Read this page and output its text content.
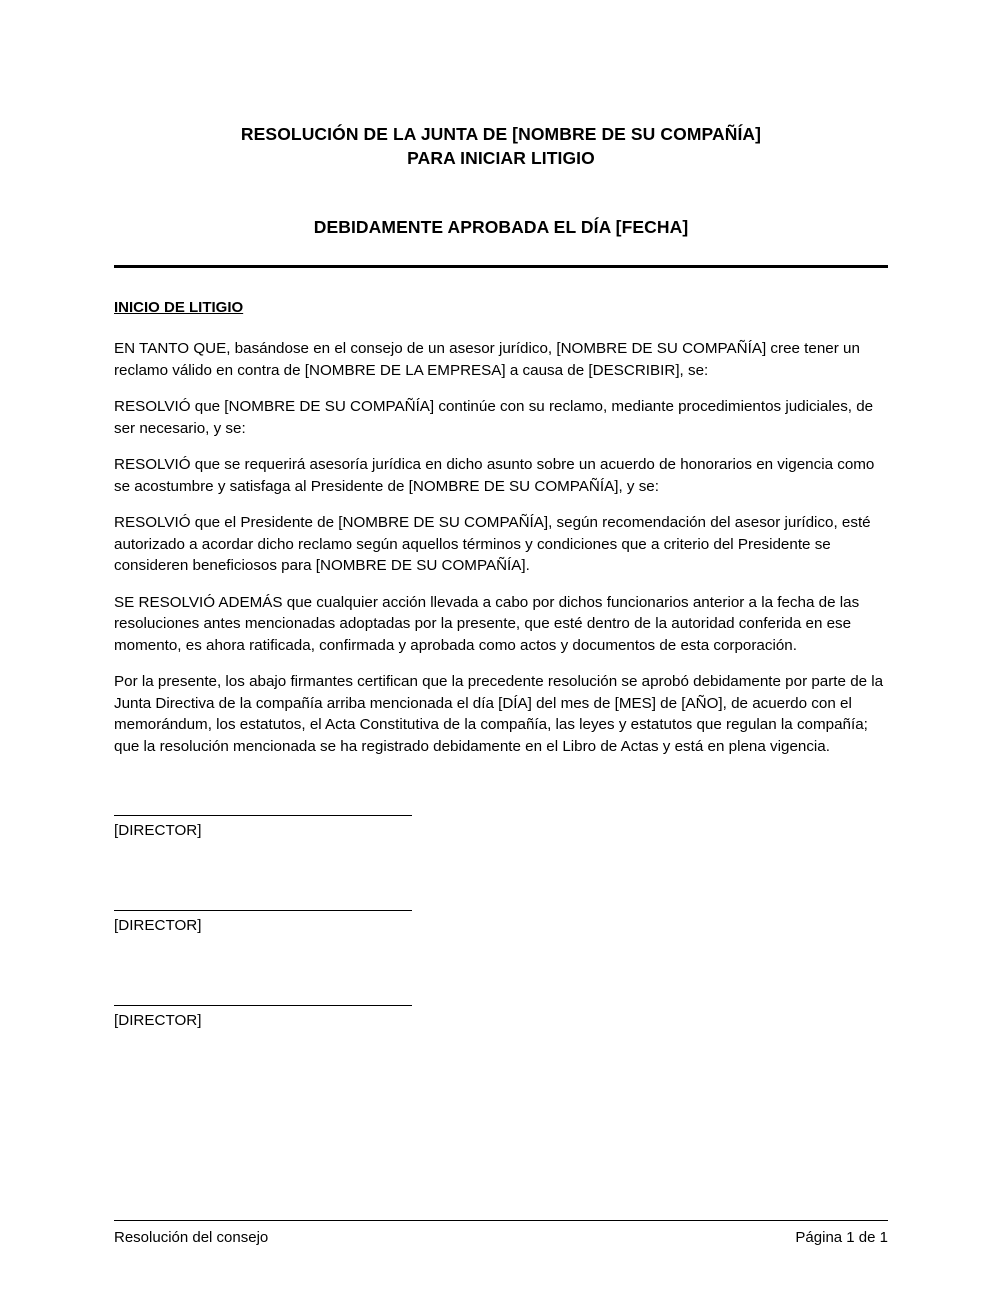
RESOLUCIÓN DE LA JUNTA DE [NOMBRE DE SU COMPAÑÍA]
PARA INICIAR LITIGIO
DEBIDAMENTE APROBADA EL DÍA [FECHA]
INICIO DE LITIGIO

EN TANTO QUE, basándose en el consejo de un asesor jurídico, [NOMBRE DE SU COMPAÑÍA] cree tener un reclamo válido en contra de [NOMBRE DE LA EMPRESA] a causa de [DESCRIBIR], se:

RESOLVIÓ que [NOMBRE DE SU COMPAÑÍA] continúe con su reclamo, mediante procedimientos judiciales, de ser necesario, y se:

RESOLVIÓ que se requerirá asesoría jurídica en dicho asunto sobre un acuerdo de honorarios en vigencia como se acostumbre y satisfaga al Presidente de [NOMBRE DE SU COMPAÑÍA], y se:

RESOLVIÓ que el Presidente de [NOMBRE DE SU COMPAÑÍA], según recomendación del asesor jurídico, esté autorizado a acordar dicho reclamo según aquellos términos y condiciones que a criterio del Presidente se consideren beneficiosos para [NOMBRE DE SU COMPAÑÍA].

SE RESOLVIÓ ADEMÁS que cualquier acción llevada a cabo por dichos funcionarios anterior a la fecha de las resoluciones antes mencionadas adoptadas por la presente, que esté dentro de la autoridad conferida en ese momento, es ahora ratificada, confirmada y aprobada como actos y documentos de esta corporación.

Por la presente, los abajo firmantes certifican que la precedente resolución se aprobó debidamente por parte de la Junta Directiva de la compañía arriba mencionada el día [DÍA] del mes de [MES] de [AÑO], de acuerdo con el memorándum, los estatutos, el Acta Constitutiva de la compañía, las leyes y estatutos que regulan la compañía; que la resolución mencionada se ha registrado debidamente en el Libro de Actas y está en plena vigencia.

[DIRECTOR]
[DIRECTOR]
[DIRECTOR]
Resolución del consejo	Página 1 de 1
